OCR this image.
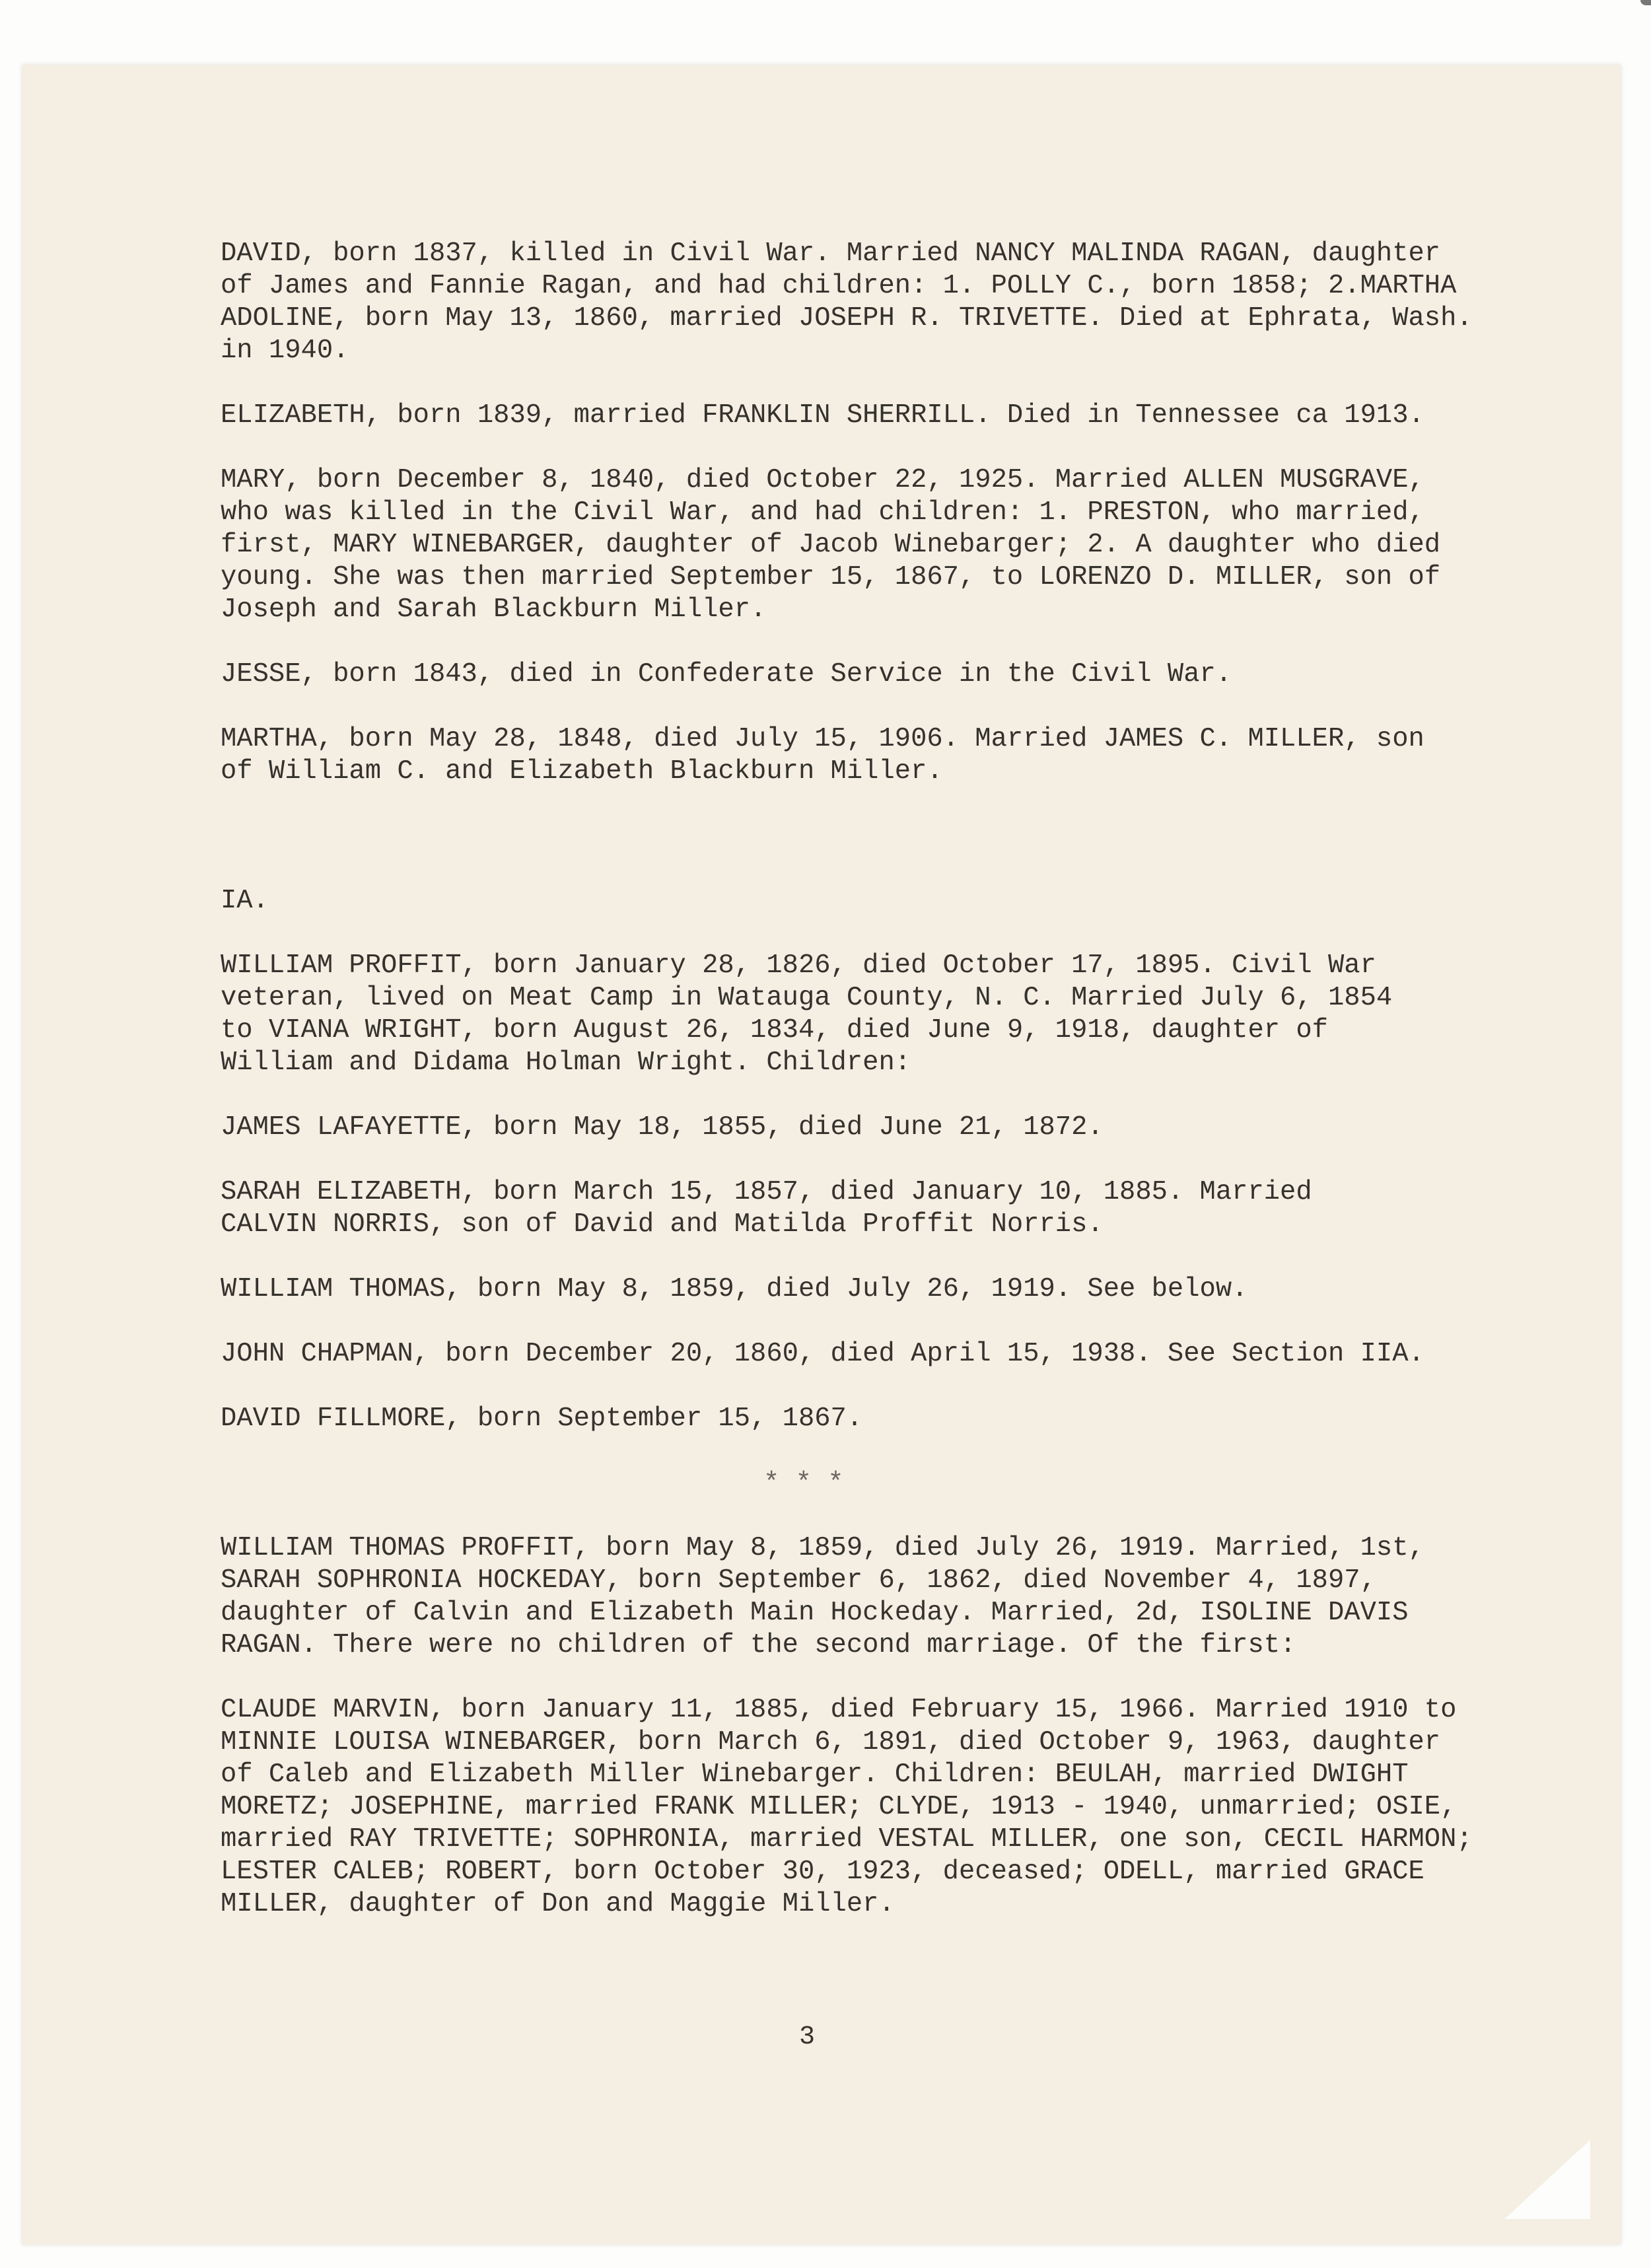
DAVID, born 1837, killed in Civil War. Married NANCY MALINDA RAGAN, daughter
of James and Fannie Ragan, and had children: 1. POLLY C., born 1858; 2.MARTHA
ADOLINE, born May 13, 1860, married JOSEPH R. TRIVETTE. Died at Ephrata, Wash.
in 1940.

ELIZABETH, born 1839, married FRANKLIN SHERRILL. Died in Tennessee ca 1913.

MARY, born December 8, 1840, died October 22, 1925. Married ALLEN MUSGRAVE,
who was killed in the Civil War, and had children: 1. PRESTON, who married,
first, MARY WINEBARGER, daughter of Jacob Winebarger; 2. A daughter who died
young. She was then married September 15, 1867, to LORENZO D. MILLER, son of
Joseph and Sarah Blackburn Miller.

JESSE, born 1843, died in Confederate Service in the Civil War.

MARTHA, born May 28, 1848, died July 15, 1906. Married JAMES C. MILLER, son
of William C. and Elizabeth Blackburn Miller.

IA.

WILLIAM PROFFIT, born January 28, 1826, died October 17, 1895. Civil War
veteran, lived on Meat Camp in Watauga County, N. C. Married July 6, 1854
to VIANA WRIGHT, born August 26, 1834, died June 9, 1918, daughter of
William and Didama Holman Wright. Children:

JAMES LAFAYETTE, born May 18, 1855, died June 21, 1872.

SARAH ELIZABETH, born March 15, 1857, died January 10, 1885. Married
CALVIN NORRIS, son of David and Matilda Proffit Norris.

WILLIAM THOMAS, born May 8, 1859, died July 26, 1919. See below.

JOHN CHAPMAN, born December 20, 1860, died April 15, 1938. See Section IIA.

DAVID FILLMORE, born September 15, 1867.

* * *

WILLIAM THOMAS PROFFIT, born May 8, 1859, died July 26, 1919. Married, 1st,
SARAH SOPHRONIA HOCKEDAY, born September 6, 1862, died November 4, 1897,
daughter of Calvin and Elizabeth Main Hockeday. Married, 2d, ISOLINE DAVIS
RAGAN. There were no children of the second marriage. Of the first:

CLAUDE MARVIN, born January 11, 1885, died February 15, 1966. Married 1910 to
MINNIE LOUISA WINEBARGER, born March 6, 1891, died October 9, 1963, daughter
of Caleb and Elizabeth Miller Winebarger. Children: BEULAH, married DWIGHT
MORETZ; JOSEPHINE, married FRANK MILLER; CLYDE, 1913 - 1940, unmarried; OSIE,
married RAY TRIVETTE; SOPHRONIA, married VESTAL MILLER, one son, CECIL HARMON;
LESTER CALEB; ROBERT, born October 30, 1923, deceased; ODELL, married GRACE
MILLER, daughter of Don and Maggie Miller.

3
